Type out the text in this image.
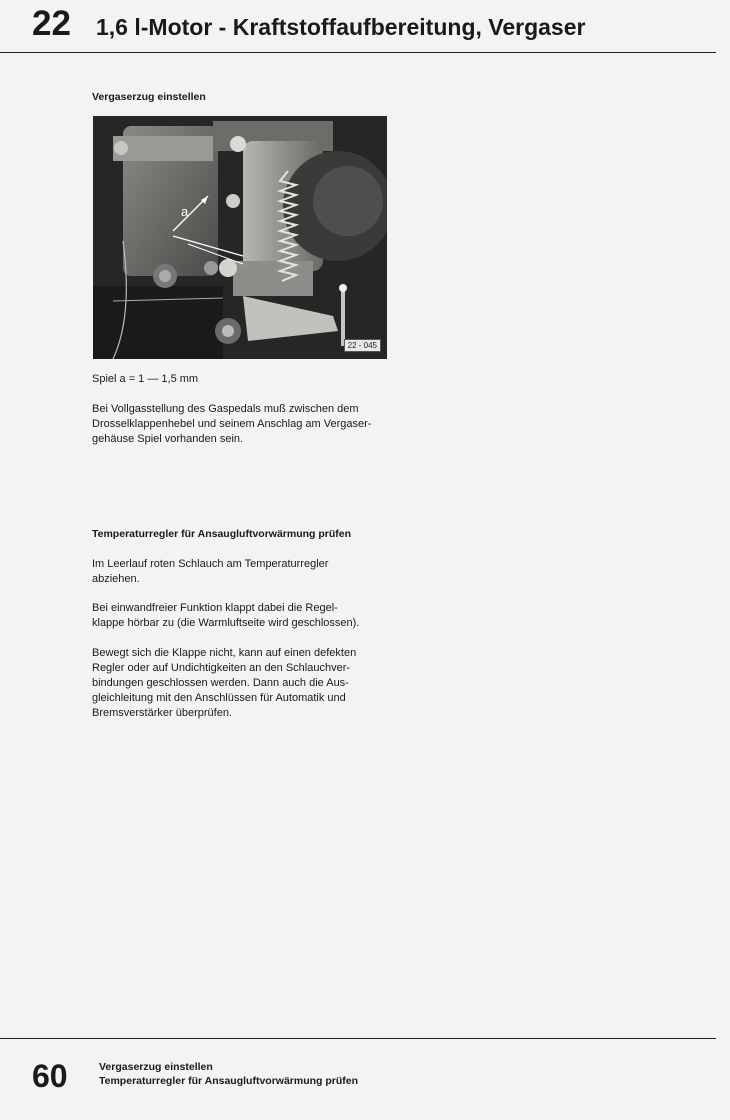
22 1,6 l-Motor - Kraftstoffaufbereitung, Vergaser
Vergaserzug einstellen
a
22 - 045
Spiel a = 1 — 1,5 mm
Bei Vollgasstellung des Gaspedals muß zwischen dem
Drosselklappenhebel und seinem Anschlag am Vergaser-
gehäuse Spiel vorhanden sein.
Temperaturregler für Ansaugluftvorwärmung prüfen
Im Leerlauf roten Schlauch am Temperaturregler
abziehen.
Bei einwandfreier Funktion klappt dabei die Regel-
klappe hörbar zu (die Warmluftseite wird geschlossen).
Bewegt sich die Klappe nicht, kann auf einen defekten
Regler oder auf Undichtigkeiten an den Schlauchver-
bindungen geschlossen werden. Dann auch die Aus-
gleichleitung mit den Anschlüssen für Automatik und
Bremsverstärker überprüfen.
60	Vergaserzug einstellen
Temperaturregler für Ansaugluftvorwärmung prüfen
